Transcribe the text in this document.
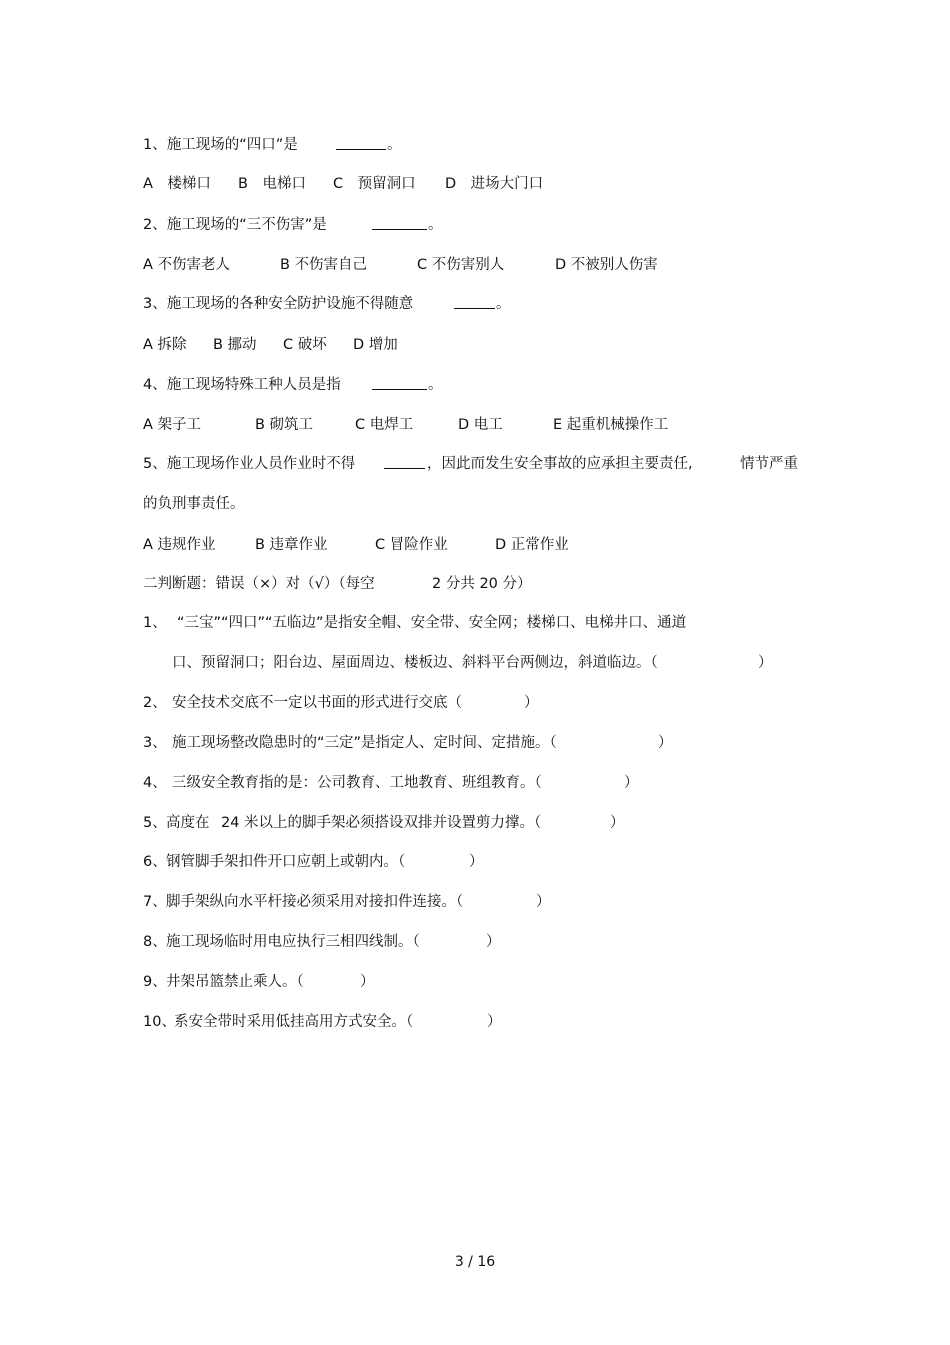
1、施工现场的“四口”是	。
A　楼梯口 B　电梯口 C　预留洞口 D　进场大门口
2、施工现场的“三不伤害”是	。
A 不伤害老人	B 不伤害自己	C 不伤害别人	D 不被别人伤害
3、施工现场的各种安全防护设施不得随意	。
A 拆除 B 挪动 C 破坏 D 增加
4、施工现场特殊工种人员是指	。
A 架子工	B 砌筑工	C 电焊工	D 电工	E 起重机械操作工
5、施工现场作业人员作业时不得	，因此而发生安全事故的应承担主要责任,	情节严重
的负刑事责任。
A 违规作业	B 违章作业	C 冒险作业	D 正常作业
二判断题：错误（×）对（√）（每空	2 分共 20 分）
1、 “三宝”“四口”“五临边”是指安全帽、安全带、安全网；楼梯口、电梯井口、通道
口、预留洞口；阳台边、屋面周边、楼板边、斜料平台两侧边，斜道临边。（	）
2、 安全技术交底不一定以书面的形式进行交底（	）
3、 施工现场整改隐患时的“三定”是指定人、定时间、定措施。（	）
4、 三级安全教育指的是：公司教育、工地教育、班组教育。（	）
5、 高度在 24 米以上的脚手架必须搭设双排并设置剪力撑。（	）
6、 钢管脚手架扣件开口应朝上或朝内。（	）
7、 脚手架纵向水平杆接必须采用对接扣件连接。（	）
8、 施工现场临时用电应执行三相四线制。（	）
9、 井架吊篮禁止乘人。（	）
10、
系安全带时采用低挂高用方式安全。（	）
3 / 16
